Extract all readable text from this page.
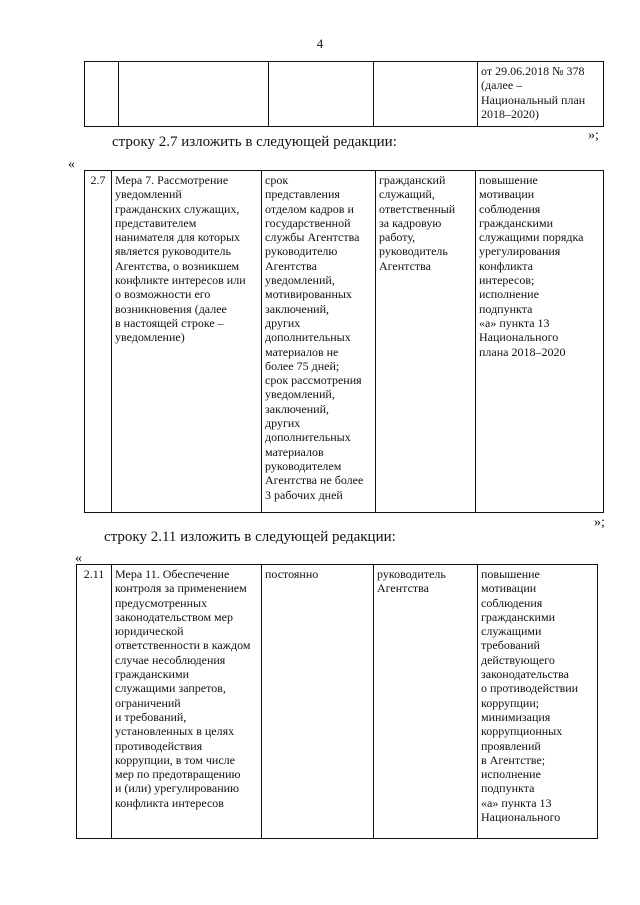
4
				от 29.06.2018 № 378
(далее –
Национальный план
2018–2020)
»;
строку 2.7 изложить в следующей редакции:
«
2.7	Мера 7. Рассмотрение
уведомлений
гражданских служащих,
представителем
нанимателя для которых
является руководитель
Агентства, о возникшем
конфликте интересов или
о возможности его
возникновения (далее
в настоящей строке –
уведомление)	срок
представления
отделом кадров и
государственной
службы Агентства
руководителю
Агентства
уведомлений,
мотивированных
заключений,
других
дополнительных
материалов не
более 75 дней;
срок рассмотрения
уведомлений,
заключений,
других
дополнительных
материалов
руководителем
Агентства не более
3 рабочих дней	гражданский
служащий,
ответственный
за кадровую
работу,
руководитель
Агентства	повышение
мотивации
соблюдения
гражданскими
служащими порядка
урегулирования
конфликта
интересов;
исполнение
подпункта
«а» пункта 13
Национального
плана 2018–2020
»;
строку 2.11 изложить в следующей редакции:
«
2.11	Мера 11. Обеспечение
контроля за применением
предусмотренных
законодательством мер
юридической
ответственности в каждом
случае несоблюдения
гражданскими
служащими запретов,
ограничений
и требований,
установленных в целях
противодействия
коррупции, в том числе
мер по предотвращению
и (или) урегулированию
конфликта интересов	постоянно	руководитель
Агентства	повышение
мотивации
соблюдения
гражданскими
служащими
требований
действующего
законодательства
о противодействии
коррупции;
минимизация
коррупционных
проявлений
в Агентстве;
исполнение
подпункта
«а» пункта 13
Национального
